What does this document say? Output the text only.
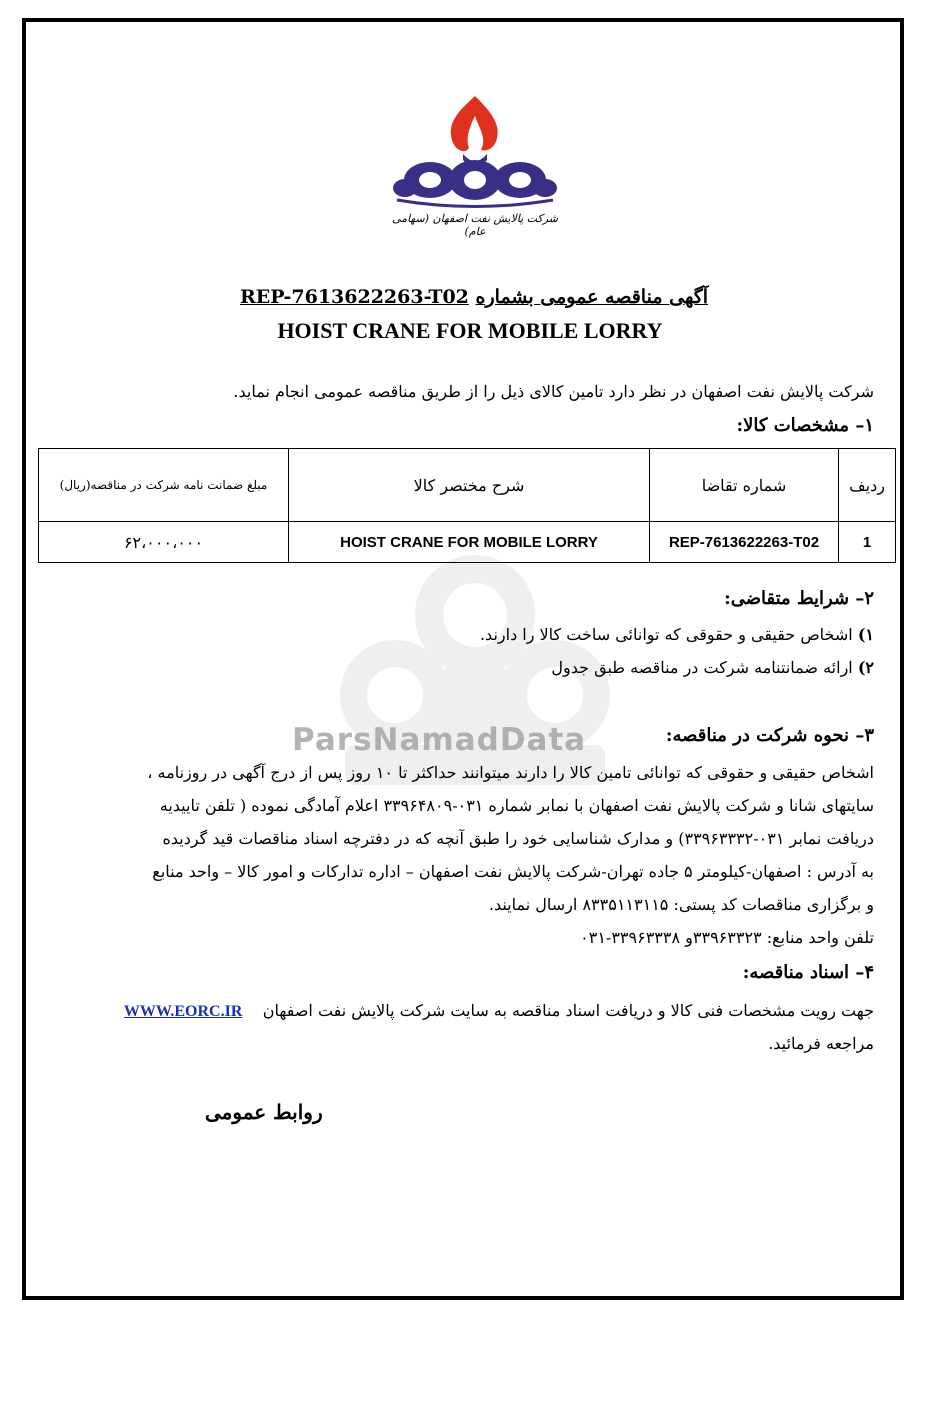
ParsNamadData
شرکت پالایش نفت اصفهان (سهامی عام)
REP-7613622263-T02 آگهی مناقصه عمومی بشماره
HOIST CRANE FOR MOBILE LORRY
شرکت پالایش نفت اصفهان در نظر دارد تامین کالای ذیل را از طریق مناقصه عمومی انجام نماید.
۱– مشخصات کالا:
ردیف	شماره تقاضا	شرح مختصر کالا	مبلغ ضمانت نامه شرکت در مناقصه(ریال)
1	REP-7613622263-T02	HOIST CRANE FOR MOBILE LORRY	۶۲،۰۰۰،۰۰۰
۲– شرایط متقاضی:
۱) اشخاص حقیقی و حقوقی که توانائی ساخت کالا را دارند.
۲) ارائه ضمانتنامه شرکت در مناقصه طبق جدول
۳– نحوه شرکت در مناقصه:
اشخاص حقیقی و حقوقی که توانائی تامین کالا را دارند میتوانند حداکثر تا ۱۰ روز پس از درج آگهی در روزنامه ،
سایتهای شانا و شرکت پالایش نفت اصفهان با نمابر شماره ۰۳۱-۳۳۹۶۴۸۰۹ اعلام آمادگی نموده ( تلفن تاییدیه
دریافت نمابر ۰۳۱-۳۳۹۶۳۳۳۲) و مدارک شناسایی خود را طبق آنچه که در دفترچه اسناد مناقصات قید گردیده
به آدرس : اصفهان-کیلومتر ۵ جاده تهران-شرکت پالایش نفت اصفهان – اداره تدارکات و امور کالا – واحد منابع
و برگزاری مناقصات کد پستی: ۸۳۳۵۱۱۳۱۱۵ ارسال نمایند.
تلفن واحد منابع: ۳۳۹۶۳۳۲۳و ۳۳۹۶۳۳۳۸-۰۳۱
۴– اسناد مناقصه:
جهت رویت مشخصات فنی کالا و دریافت اسناد مناقصه به سایت شرکت پالایش نفت اصفهان    WWW.EORC.IR
مراجعه فرمائید.
روابط عمومی
